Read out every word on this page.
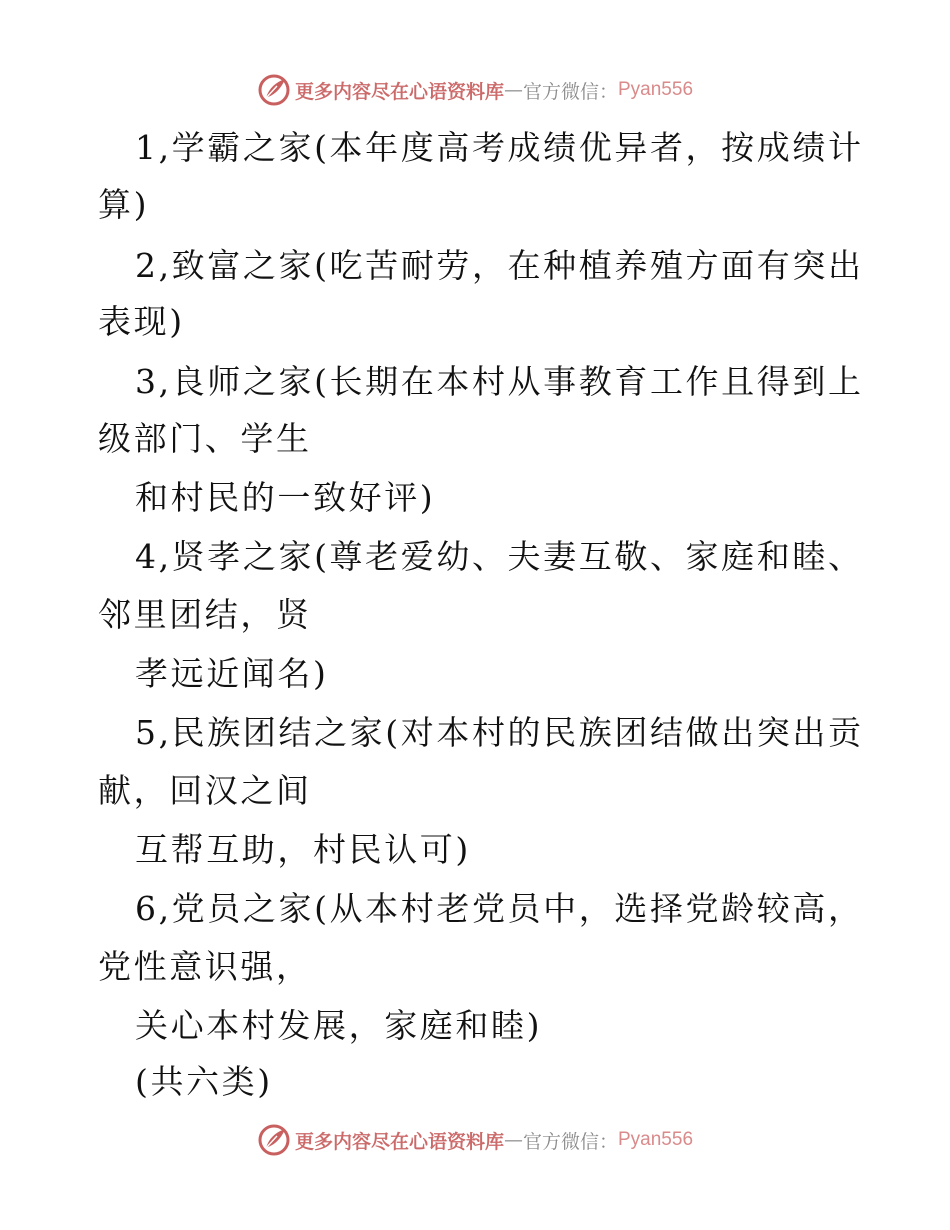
更多内容尽在心语资料库 — 官方微信： Pyan556
1,学霸之家(本年度高考成绩优异者，按成绩计
算)
2,致富之家(吃苦耐劳，在种植养殖方面有突出
表现)
3,良师之家(长期在本村从事教育工作且得到上
级部门、学生
和村民的一致好评)
4,贤孝之家(尊老爱幼、夫妻互敬、家庭和睦、
邻里团结，贤
孝远近闻名)
5,民族团结之家(对本村的民族团结做出突出贡
献，回汉之间
互帮互助，村民认可)
6,党员之家(从本村老党员中，选择党龄较高，
党性意识强，
关心本村发展，家庭和睦)
(共六类)
更多内容尽在心语资料库 — 官方微信： Pyan556
